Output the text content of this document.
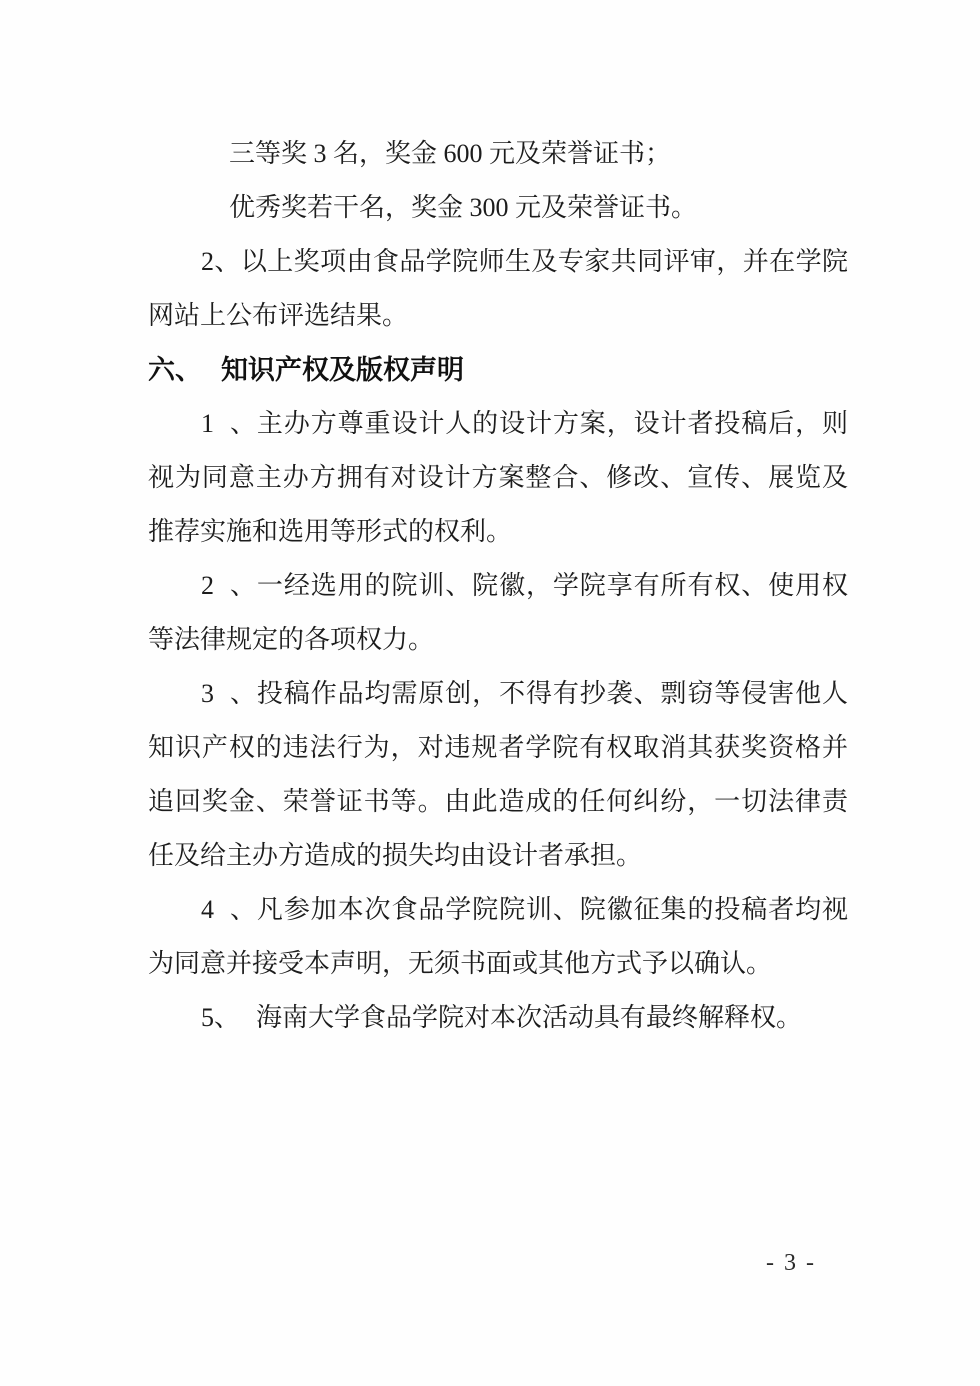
三等奖 3 名，奖金 600 元及荣誉证书；
优秀奖若干名，奖金 300 元及荣誉证书。
2、以上奖项由食品学院师生及专家共同评审，并在学院
网站上公布评选结果。
六、 知识产权及版权声明
1、主办方尊重设计人的设计方案，设计者投稿后，则
视为同意主办方拥有对设计方案整合、修改、宣传、展览及
推荐实施和选用等形式的权利。
2、一经选用的院训、院徽，学院享有所有权、使用权
等法律规定的各项权力。
3、投稿作品均需原创，不得有抄袭、剽窃等侵害他人
知识产权的违法行为，对违规者学院有权取消其获奖资格并
追回奖金、荣誉证书等。由此造成的任何纠纷，一切法律责
任及给主办方造成的损失均由设计者承担。
4、凡参加本次食品学院院训、院徽征集的投稿者均视
为同意并接受本声明，无须书面或其他方式予以确认。
5、 海南大学食品学院对本次活动具有最终解释权。
- 3 -
